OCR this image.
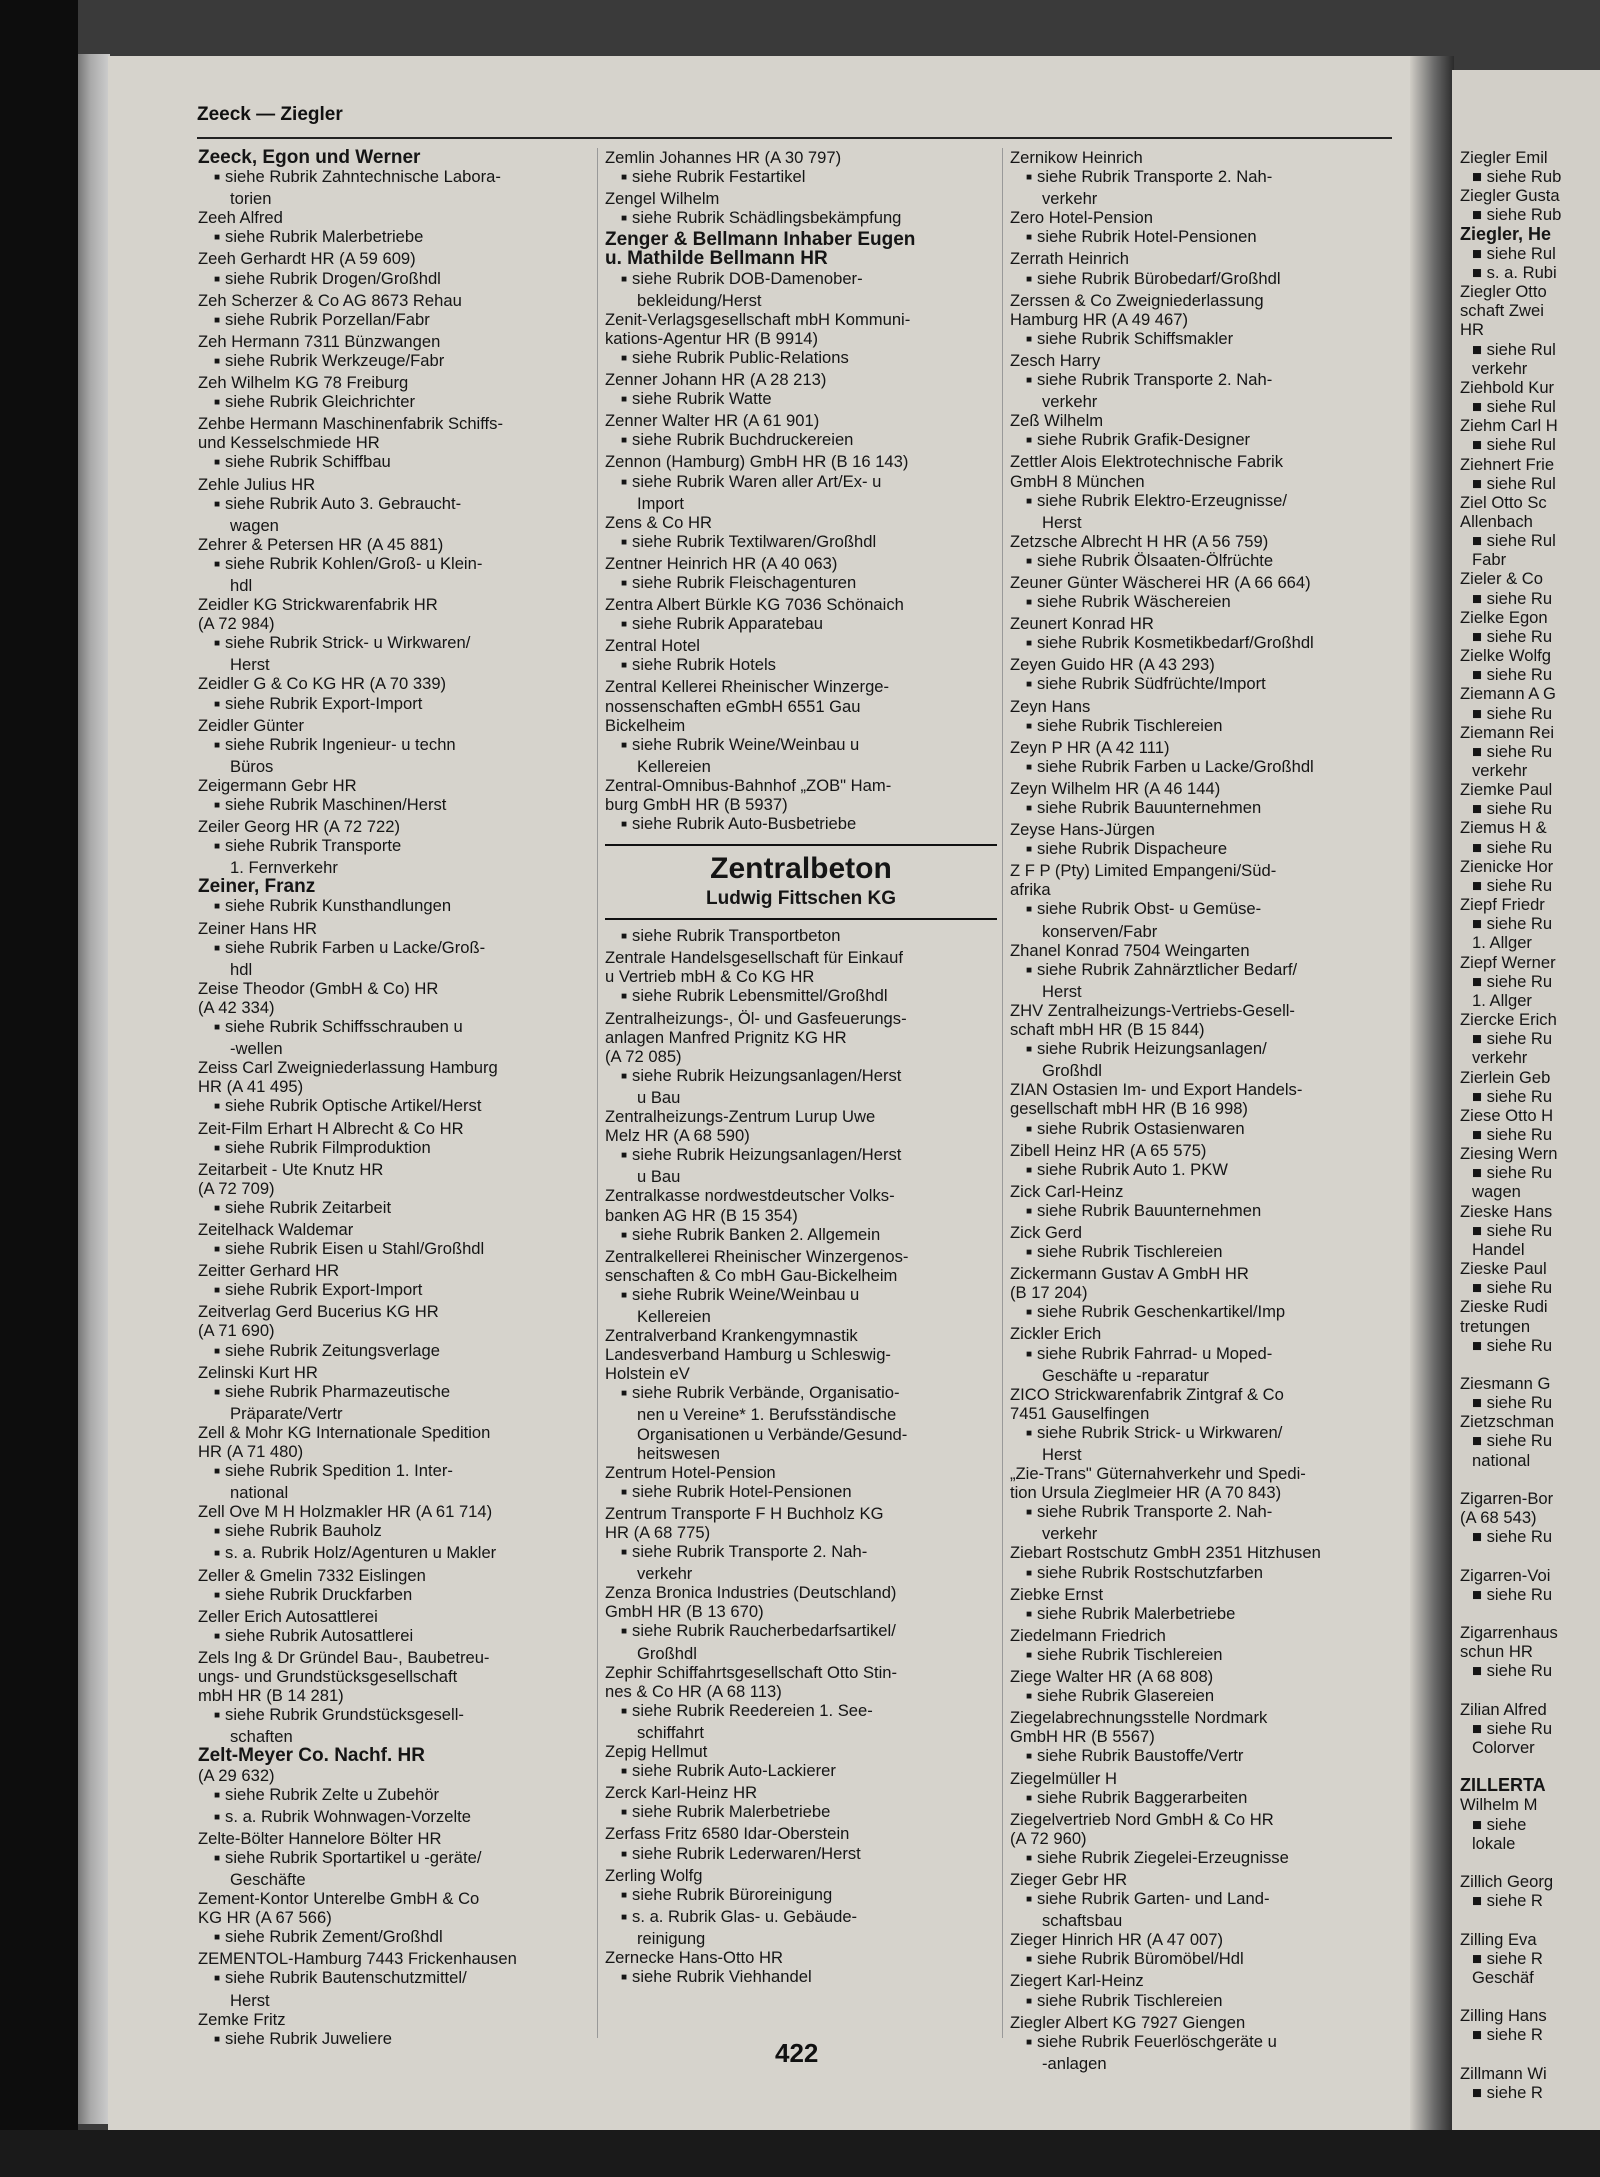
Ziegler Emil
■ siehe Rub
Ziegler Gusta
■ siehe Rub
Ziegler, He
■ siehe Rul
■ s. a. Rubi
Ziegler Otto
schaft Zwei
HR
■ siehe Rul
verkehr
Ziehbold Kur
■ siehe Rul
Ziehm Carl H
■ siehe Rul
Ziehnert Frie
■ siehe Rul
Ziel Otto Sc
Allenbach
■ siehe Rul
Fabr
Zieler & Co
■ siehe Ru
Zielke Egon
■ siehe Ru
Zielke Wolfg
■ siehe Ru
Ziemann A G
■ siehe Ru
Ziemann Rei
■ siehe Ru
verkehr
Ziemke Paul
■ siehe Ru
Ziemus H &
■ siehe Ru
Zienicke Hor
■ siehe Ru
Ziepf Friedr
■ siehe Ru
1. Allger
Ziepf Werner
■ siehe Ru
1. Allger
Ziercke Erich
■ siehe Ru
verkehr
Zierlein Geb
■ siehe Ru
Ziese Otto H
■ siehe Ru
Ziesing Wern
■ siehe Ru
wagen
Zieske Hans
■ siehe Ru
Handel
Zieske Paul
■ siehe Ru
Zieske Rudi
tretungen
■ siehe Ru

Ziesmann G
■ siehe Ru
Zietzschman
■ siehe Ru
national

Zigarren-Bor
(A 68 543)
■ siehe Ru

Zigarren-Voi
■ siehe Ru

Zigarrenhaus
schun HR
■ siehe Ru

Zilian Alfred
■ siehe Ru
Colorver

ZILLERTA
Wilhelm M
■ siehe
lokale

Zillich Georg
■ siehe R

Zilling Eva
■ siehe R
Geschäf

Zilling Hans
■ siehe R

Zillmann Wi
■ siehe R
Zeeck — Ziegler
Zeeck, Egon und Werner
■ siehe Rubrik Zahntechnische Labora-
torien
Zeeh Alfred
■ siehe Rubrik Malerbetriebe
Zeeh Gerhardt HR (A 59 609)
■ siehe Rubrik Drogen/Großhdl
Zeh Scherzer & Co AG 8673 Rehau
■ siehe Rubrik Porzellan/Fabr
Zeh Hermann 7311 Bünzwangen
■ siehe Rubrik Werkzeuge/Fabr
Zeh Wilhelm KG 78 Freiburg
■ siehe Rubrik Gleichrichter
Zehbe Hermann Maschinenfabrik Schiffs-
und Kesselschmiede HR
■ siehe Rubrik Schiffbau
Zehle Julius HR
■ siehe Rubrik Auto 3. Gebraucht-
wagen
Zehrer & Petersen HR (A 45 881)
■ siehe Rubrik Kohlen/Groß- u Klein-
hdl
Zeidler KG Strickwarenfabrik HR
(A 72 984)
■ siehe Rubrik Strick- u Wirkwaren/
Herst
Zeidler G & Co KG HR (A 70 339)
■ siehe Rubrik Export-Import
Zeidler Günter
■ siehe Rubrik Ingenieur- u techn
Büros
Zeigermann Gebr HR
■ siehe Rubrik Maschinen/Herst
Zeiler Georg HR (A 72 722)
■ siehe Rubrik Transporte
1. Fernverkehr
Zeiner, Franz
■ siehe Rubrik Kunsthandlungen
Zeiner Hans HR
■ siehe Rubrik Farben u Lacke/Groß-
hdl
Zeise Theodor (GmbH & Co) HR
(A 42 334)
■ siehe Rubrik Schiffsschrauben u
-wellen
Zeiss Carl Zweigniederlassung Hamburg
HR (A 41 495)
■ siehe Rubrik Optische Artikel/Herst
Zeit-Film Erhart H Albrecht & Co HR
■ siehe Rubrik Filmproduktion
Zeitarbeit - Ute Knutz HR
(A 72 709)
■ siehe Rubrik Zeitarbeit
Zeitelhack Waldemar
■ siehe Rubrik Eisen u Stahl/Großhdl
Zeitter Gerhard HR
■ siehe Rubrik Export-Import
Zeitverlag Gerd Bucerius KG HR
(A 71 690)
■ siehe Rubrik Zeitungsverlage
Zelinski Kurt HR
■ siehe Rubrik Pharmazeutische
Präparate/Vertr
Zell & Mohr KG Internationale Spedition
HR (A 71 480)
■ siehe Rubrik Spedition 1. Inter-
national
Zell Ove M H Holzmakler HR (A 61 714)
■ siehe Rubrik Bauholz
■ s. a. Rubrik Holz/Agenturen u Makler
Zeller & Gmelin 7332 Eislingen
■ siehe Rubrik Druckfarben
Zeller Erich Autosattlerei
■ siehe Rubrik Autosattlerei
Zels Ing & Dr Gründel Bau-, Baubetreu-
ungs- und Grundstücksgesellschaft
mbH HR (B 14 281)
■ siehe Rubrik Grundstücksgesell-
schaften
Zelt-Meyer Co. Nachf. HR
(A 29 632)
■ siehe Rubrik Zelte u Zubehör
■ s. a. Rubrik Wohnwagen-Vorzelte
Zelte-Bölter Hannelore Bölter HR
■ siehe Rubrik Sportartikel u -geräte/
Geschäfte
Zement-Kontor Unterelbe GmbH & Co
KG HR (A 67 566)
■ siehe Rubrik Zement/Großhdl
ZEMENTOL-Hamburg 7443 Frickenhausen
■ siehe Rubrik Bautenschutzmittel/
Herst
Zemke Fritz
■ siehe Rubrik Juweliere
Zemlin Johannes HR (A 30 797)
■ siehe Rubrik Festartikel
Zengel Wilhelm
■ siehe Rubrik Schädlingsbekämpfung
Zenger & Bellmann Inhaber Eugen
u. Mathilde Bellmann HR
■ siehe Rubrik DOB-Damenober-
bekleidung/Herst
Zenit-Verlagsgesellschaft mbH Kommuni-
kations-Agentur HR (B 9914)
■ siehe Rubrik Public-Relations
Zenner Johann HR (A 28 213)
■ siehe Rubrik Watte
Zenner Walter HR (A 61 901)
■ siehe Rubrik Buchdruckereien
Zennon (Hamburg) GmbH HR (B 16 143)
■ siehe Rubrik Waren aller Art/Ex- u
Import
Zens & Co HR
■ siehe Rubrik Textilwaren/Großhdl
Zentner Heinrich HR (A 40 063)
■ siehe Rubrik Fleischagenturen
Zentra Albert Bürkle KG 7036 Schönaich
■ siehe Rubrik Apparatebau
Zentral Hotel
■ siehe Rubrik Hotels
Zentral Kellerei Rheinischer Winzerge-
nossenschaften eGmbH 6551 Gau
Bickelheim
■ siehe Rubrik Weine/Weinbau u
Kellereien
Zentral-Omnibus-Bahnhof „ZOB" Ham-
burg GmbH HR (B 5937)
■ siehe Rubrik Auto-Busbetriebe
Zentralbeton
Ludwig Fittschen KG
■ siehe Rubrik Transportbeton
Zentrale Handelsgesellschaft für Einkauf
u Vertrieb mbH & Co KG HR
■ siehe Rubrik Lebensmittel/Großhdl
Zentralheizungs-, Öl- und Gasfeuerungs-
anlagen Manfred Prignitz KG HR
(A 72 085)
■ siehe Rubrik Heizungsanlagen/Herst
u Bau
Zentralheizungs-Zentrum Lurup Uwe
Melz HR (A 68 590)
■ siehe Rubrik Heizungsanlagen/Herst
u Bau
Zentralkasse nordwestdeutscher Volks-
banken AG HR (B 15 354)
■ siehe Rubrik Banken 2. Allgemein
Zentralkellerei Rheinischer Winzergenos-
senschaften & Co mbH Gau-Bickelheim
■ siehe Rubrik Weine/Weinbau u
Kellereien
Zentralverband Krankengymnastik
Landesverband Hamburg u Schleswig-
Holstein eV
■ siehe Rubrik Verbände, Organisatio-
nen u Vereine* 1. Berufsständische
Organisationen u Verbände/Gesund-
heitswesen
Zentrum Hotel-Pension
■ siehe Rubrik Hotel-Pensionen
Zentrum Transporte F H Buchholz KG
HR (A 68 775)
■ siehe Rubrik Transporte 2. Nah-
verkehr
Zenza Bronica Industries (Deutschland)
GmbH HR (B 13 670)
■ siehe Rubrik Raucherbedarfsartikel/
Großhdl
Zephir Schiffahrtsgesellschaft Otto Stin-
nes & Co HR (A 68 113)
■ siehe Rubrik Reedereien 1. See-
schiffahrt
Zepig Hellmut
■ siehe Rubrik Auto-Lackierer
Zerck Karl-Heinz HR
■ siehe Rubrik Malerbetriebe
Zerfass Fritz 6580 Idar-Oberstein
■ siehe Rubrik Lederwaren/Herst
Zerling Wolfg
■ siehe Rubrik Büroreinigung
■ s. a. Rubrik Glas- u. Gebäude-
reinigung
Zernecke Hans-Otto HR
■ siehe Rubrik Viehhandel
Zernikow Heinrich
■ siehe Rubrik Transporte 2. Nah-
verkehr
Zero Hotel-Pension
■ siehe Rubrik Hotel-Pensionen
Zerrath Heinrich
■ siehe Rubrik Bürobedarf/Großhdl
Zerssen & Co Zweigniederlassung
Hamburg HR (A 49 467)
■ siehe Rubrik Schiffsmakler
Zesch Harry
■ siehe Rubrik Transporte 2. Nah-
verkehr
Zeß Wilhelm
■ siehe Rubrik Grafik-Designer
Zettler Alois Elektrotechnische Fabrik
GmbH 8 München
■ siehe Rubrik Elektro-Erzeugnisse/
Herst
Zetzsche Albrecht H HR (A 56 759)
■ siehe Rubrik Ölsaaten-Ölfrüchte
Zeuner Günter Wäscherei HR (A 66 664)
■ siehe Rubrik Wäschereien
Zeunert Konrad HR
■ siehe Rubrik Kosmetikbedarf/Großhdl
Zeyen Guido HR (A 43 293)
■ siehe Rubrik Südfrüchte/Import
Zeyn Hans
■ siehe Rubrik Tischlereien
Zeyn P HR (A 42 111)
■ siehe Rubrik Farben u Lacke/Großhdl
Zeyn Wilhelm HR (A 46 144)
■ siehe Rubrik Bauunternehmen
Zeyse Hans-Jürgen
■ siehe Rubrik Dispacheure
Z F P (Pty) Limited Empangeni/Süd-
afrika
■ siehe Rubrik Obst- u Gemüse-
konserven/Fabr
Zhanel Konrad 7504 Weingarten
■ siehe Rubrik Zahnärztlicher Bedarf/
Herst
ZHV Zentralheizungs-Vertriebs-Gesell-
schaft mbH HR (B 15 844)
■ siehe Rubrik Heizungsanlagen/
Großhdl
ZIAN Ostasien Im- und Export Handels-
gesellschaft mbH HR (B 16 998)
■ siehe Rubrik Ostasienwaren
Zibell Heinz HR (A 65 575)
■ siehe Rubrik Auto 1. PKW
Zick Carl-Heinz
■ siehe Rubrik Bauunternehmen
Zick Gerd
■ siehe Rubrik Tischlereien
Zickermann Gustav A GmbH HR
(B 17 204)
■ siehe Rubrik Geschenkartikel/Imp
Zickler Erich
■ siehe Rubrik Fahrrad- u Moped-
Geschäfte u -reparatur
ZICO Strickwarenfabrik Zintgraf & Co
7451 Gauselfingen
■ siehe Rubrik Strick- u Wirkwaren/
Herst
„Zie-Trans" Güternahverkehr und Spedi-
tion Ursula Zieglmeier HR (A 70 843)
■ siehe Rubrik Transporte 2. Nah-
verkehr
Ziebart Rostschutz GmbH 2351 Hitzhusen
■ siehe Rubrik Rostschutzfarben
Ziebke Ernst
■ siehe Rubrik Malerbetriebe
Ziedelmann Friedrich
■ siehe Rubrik Tischlereien
Ziege Walter HR (A 68 808)
■ siehe Rubrik Glasereien
Ziegelabrechnungsstelle Nordmark
GmbH HR (B 5567)
■ siehe Rubrik Baustoffe/Vertr
Ziegelmüller H
■ siehe Rubrik Baggerarbeiten
Ziegelvertrieb Nord GmbH & Co HR
(A 72 960)
■ siehe Rubrik Ziegelei-Erzeugnisse
Zieger Gebr HR
■ siehe Rubrik Garten- und Land-
schaftsbau
Zieger Hinrich HR (A 47 007)
■ siehe Rubrik Büromöbel/Hdl
Ziegert Karl-Heinz
■ siehe Rubrik Tischlereien
Ziegler Albert KG 7927 Giengen
■ siehe Rubrik Feuerlöschgeräte u
-anlagen
422
